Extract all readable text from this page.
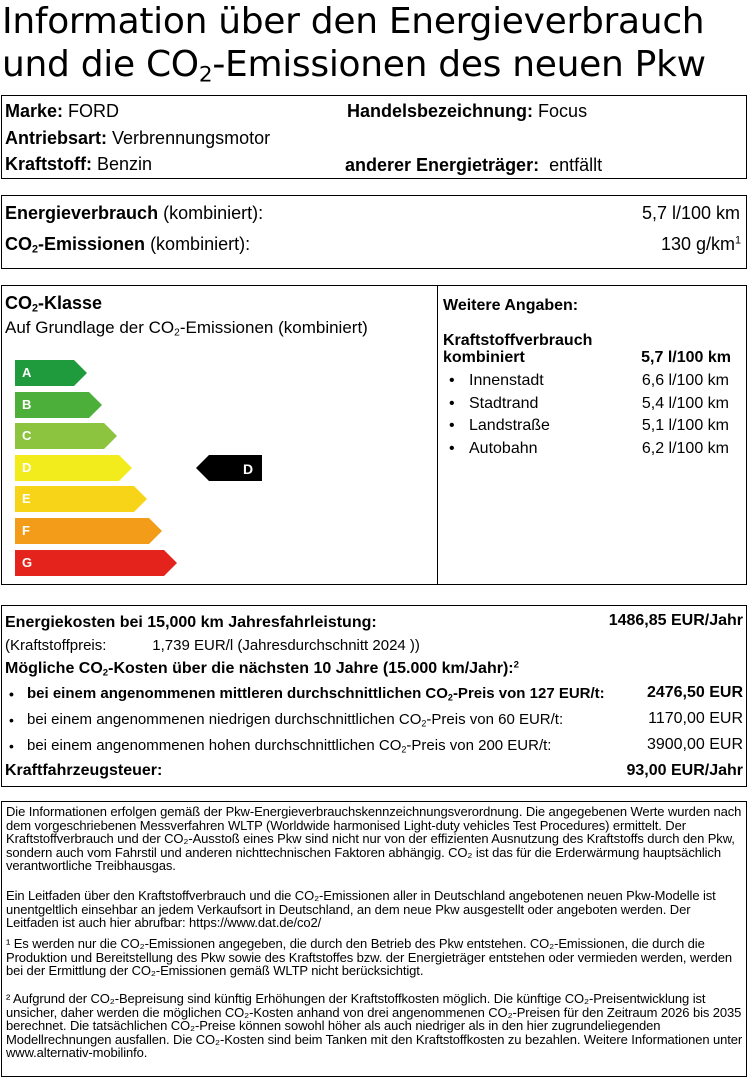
Information über den Energieverbrauch
und die $CO_2$-Emissionen des neuen Pkw
Marke: FORD	Handelsbezeichnung: Focus
Antriebsart: Verbrennungsmotor
Kraftstoff: Benzin	anderer Energieträger: entfällt
Energieverbrauch (kombiniert):	5,7 l/100 km
$CO_2$-Emissionen (kombiniert):	130 $g/km^1$
$CO_2$-Klasse
Auf Grundlage der $CO_2$-Emissionen (kombiniert)
A
B
C
D
E
F
G
D
Weitere Angaben:
Kraftstoffverbrauch
kombiniert	5,7 l/100 km
• Innenstadt	6,6 l/100 km
• Stadtrand	5,4 l/100 km
• Landstraße	5,1 l/100 km
• Autobahn	6,2 l/100 km
Energiekosten bei 15,000 km Jahresfahrleistung:	1486,85 EUR/Jahr
(Kraftstoffpreis:	1,739 EUR/l (Jahresdurchschnitt 2024 ))
Mögliche $CO_2$-Kosten über die nächsten 10 Jahre (15.000 km/Jahr):$^2$
• bei einem angenommenen mittleren durchschnittlichen $CO_2$-Preis von 127 EUR/t:	2476,50 EUR
• bei einem angenommenen niedrigen durchschnittlichen $CO_2$-Preis von 60 EUR/t:	1170,00 EUR
• bei einem angenommenen hohen durchschnittlichen $CO_2$-Preis von 200 EUR/t:	3900,00 EUR
Kraftfahrzeugsteuer:	93,00 EUR/Jahr
Die Informationen erfolgen gemäß der Pkw-Energieverbrauchskennzeichnungsverordnung. Die angegebenen Werte wurden nach dem vorgeschriebenen Messverfahren WLTP (Worldwide harmonised Light-duty vehicles Test Procedures) ermittelt. Der Kraftstoffverbrauch und der CO₂-Ausstoß eines Pkw sind nicht nur von der effizienten Ausnutzung des Kraftstoffs durch den Pkw, sondern auch vom Fahrstil und anderen nichttechnischen Faktoren abhängig. CO₂ ist das für die Erderwärmung hauptsächlich verantwortliche Treibhausgas.
Ein Leitfaden über den Kraftstoffverbrauch und die CO₂-Emissionen aller in Deutschland angebotenen neuen Pkw-Modelle ist unentgeltlich einsehbar an jedem Verkaufsort in Deutschland, an dem neue Pkw ausgestellt oder angeboten werden. Der Leitfaden ist auch hier abrufbar: https://www.dat.de/co2/
¹ Es werden nur die CO₂-Emissionen angegeben, die durch den Betrieb des Pkw entstehen. CO₂-Emissionen, die durch die Produktion und Bereitstellung des Pkw sowie des Kraftstoffes bzw. der Energieträger entstehen oder vermieden werden, werden bei der Ermittlung der CO₂-Emissionen gemäß WLTP nicht berücksichtigt.
² Aufgrund der CO₂-Bepreisung sind künftig Erhöhungen der Kraftstoffkosten möglich. Die künftige CO₂-Preisentwicklung ist unsicher, daher werden die möglichen CO₂-Kosten anhand von drei angenommenen CO₂-Preisen für den Zeitraum 2026 bis 2035 berechnet. Die tatsächlichen CO₂-Preise können sowohl höher als auch niedriger als in den hier zugrundeliegenden Modellrechnungen ausfallen. Die CO₂-Kosten sind beim Tanken mit den Kraftstoffkosten zu bezahlen. Weitere Informationen unter www.alternativ-mobilinfo.
